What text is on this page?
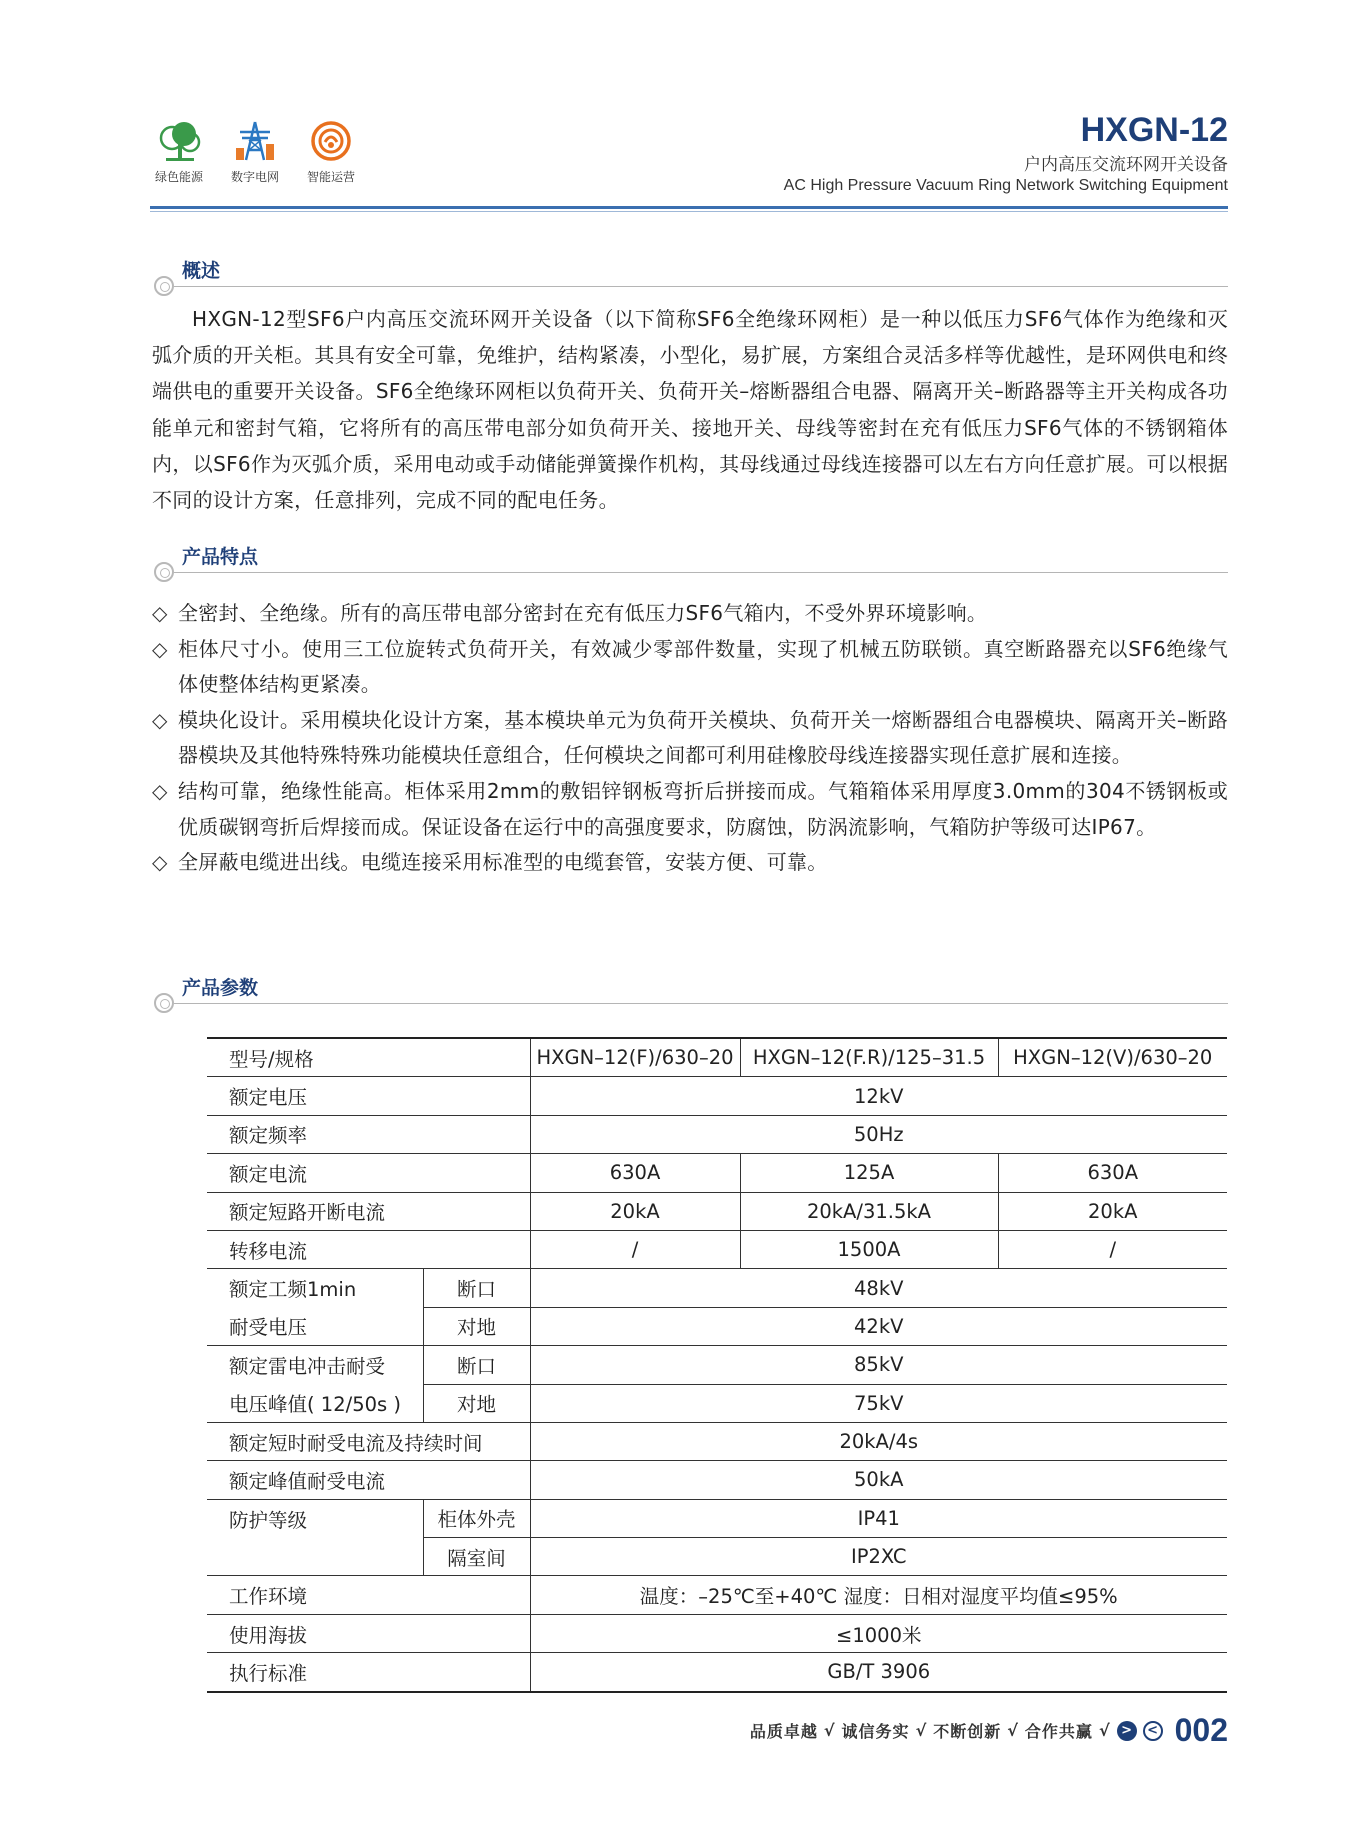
绿色能源 数字电网 智能运营
HXGN-12
户内高压交流环网开关设备
AC High Pressure Vacuum Ring Network Switching Equipment
概述
HXGN-12型SF6户内高压交流环网开关设备（以下简称SF6全绝缘环网柜）是一种以低压力SF6气体作为绝缘和灭弧介质的开关柜。其具有安全可靠，免维护，结构紧凑，小型化，易扩展，方案组合灵活多样等优越性，是环网供电和终端供电的重要开关设备。SF6全绝缘环网柜以负荷开关、负荷开关–熔断器组合电器、隔离开关–断路器等主开关构成各功能单元和密封气箱，它将所有的高压带电部分如负荷开关、接地开关、母线等密封在充有低压力SF6气体的不锈钢箱体内，以SF6作为灭弧介质，采用电动或手动储能弹簧操作机构，其母线通过母线连接器可以左右方向任意扩展。可以根据不同的设计方案，任意排列，完成不同的配电任务。
产品特点
◇ 全密封、全绝缘。所有的高压带电部分密封在充有低压力SF6气箱内，不受外界环境影响。
◇ 柜体尺寸小。使用三工位旋转式负荷开关，有效减少零部件数量，实现了机械五防联锁。真空断路器充以SF6绝缘气体使整体结构更紧凑。
◇ 模块化设计。采用模块化设计方案，基本模块单元为负荷开关模块、负荷开关一熔断器组合电器模块、隔离开关–断路器模块及其他特殊特殊功能模块任意组合，任何模块之间都可利用硅橡胶母线连接器实现任意扩展和连接。
◇ 结构可靠，绝缘性能高。柜体采用2mm的敷铝锌钢板弯折后拼接而成。气箱箱体采用厚度3.0mm的304不锈钢板或优质碳钢弯折后焊接而成。保证设备在运行中的高强度要求，防腐蚀，防涡流影响，气箱防护等级可达IP67。
◇ 全屏蔽电缆进出线。电缆连接采用标准型的电缆套管，安装方便、可靠。
产品参数
型号/规格		HXGN–12(F)/630–20	HXGN–12(F.R)/125–31.5	HXGN–12(V)/630–20
额定电压		12kV		
额定频率		50Hz		
额定电流		630A	125A	630A
额定短路开断电流		20kA	20kA/31.5kA	20kA
转移电流		/	1500A	/
额定工频1min	断口	48kV		
耐受电压	对地	42kV		
额定雷电冲击耐受	断口	85kV		
电压峰值( 12/50s )	对地	75kV		
额定短时耐受电流及持续时间		20kA/4s		
额定峰值耐受电流		50kA		
防护等级	柜体外壳	IP41		
	隔室间	IP2XC		
工作环境		温度：–25℃至+40℃ 湿度：日相对湿度平均值≤95%		
使用海拔		≤1000米		
执行标准		GB/T 3906		
品质卓越 √ 诚信务实 √ 不断创新 √ 合作共赢 √ >	< 002
